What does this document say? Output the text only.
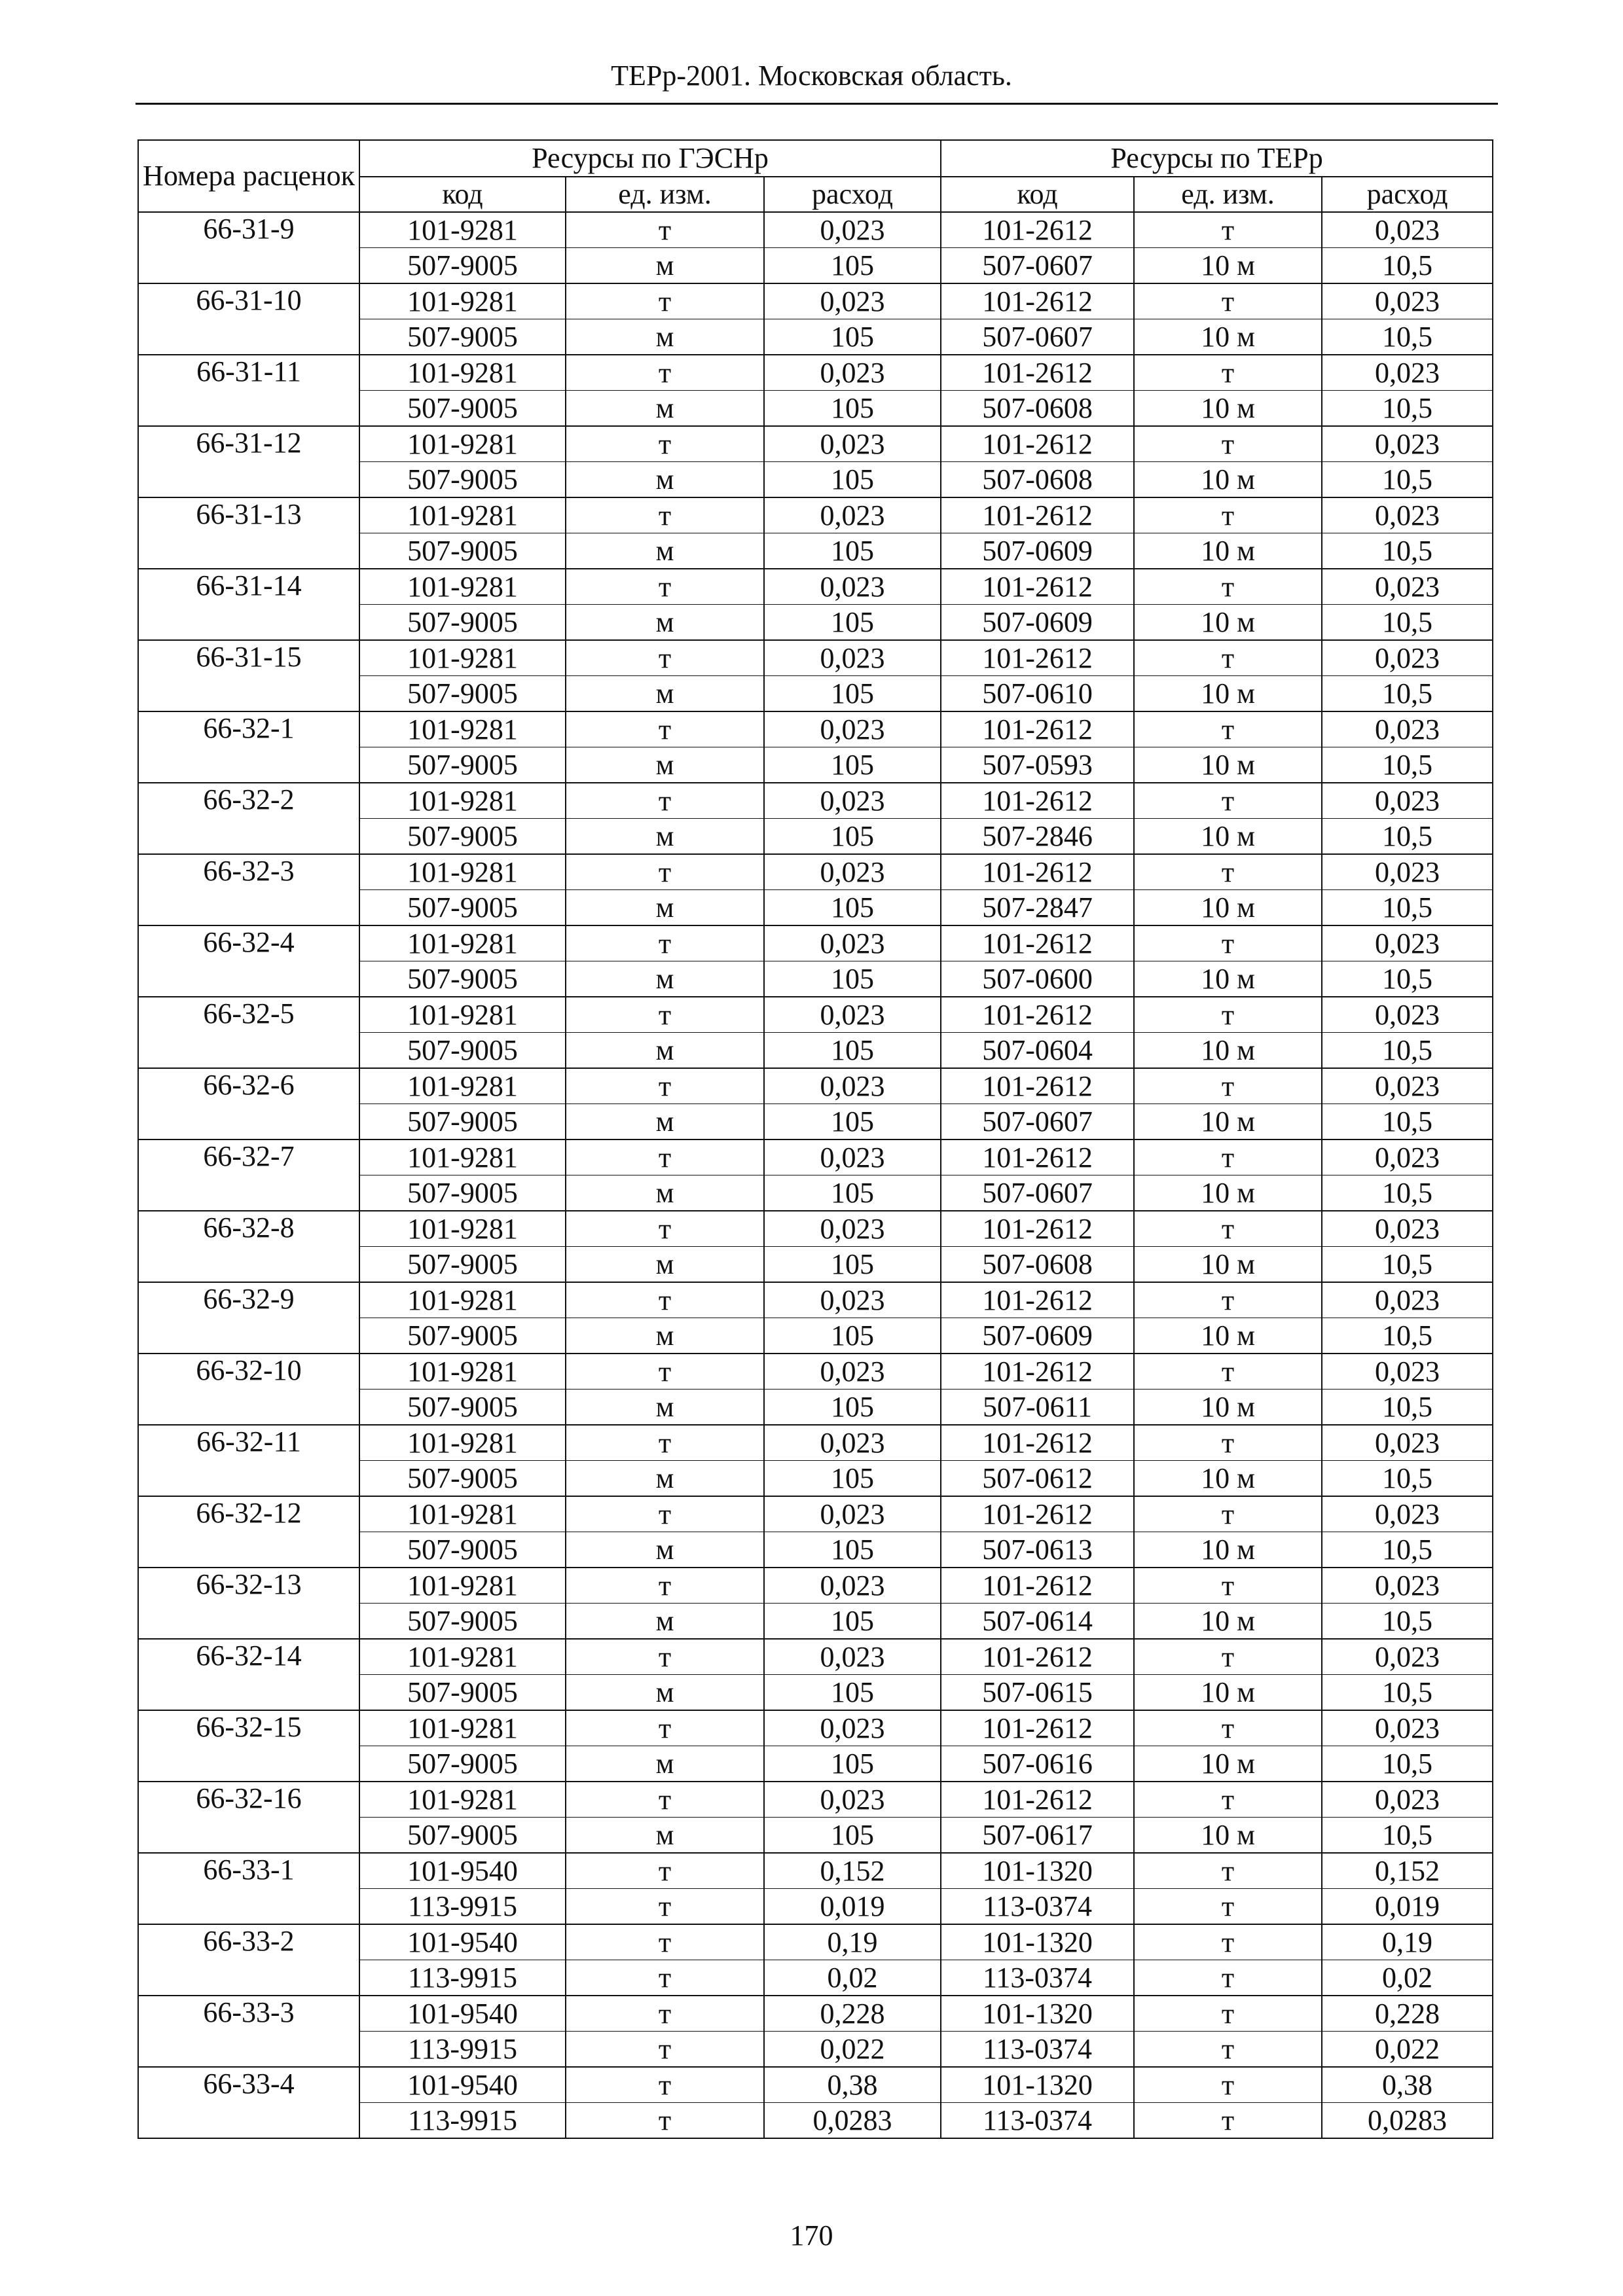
ТЕРр-2001. Московская область.
Номера расценок	Ресурсы по ГЭСНр			Ресурсы по ТЕРр		
	код	ед. изм.	расход	код	ед. изм.	расход
66-31-9	101-9281	т	0,023	101-2612	т	0,023
	507-9005	м	105	507-0607	10 м	10,5
66-31-10	101-9281	т	0,023	101-2612	т	0,023
	507-9005	м	105	507-0607	10 м	10,5
66-31-11	101-9281	т	0,023	101-2612	т	0,023
	507-9005	м	105	507-0608	10 м	10,5
66-31-12	101-9281	т	0,023	101-2612	т	0,023
	507-9005	м	105	507-0608	10 м	10,5
66-31-13	101-9281	т	0,023	101-2612	т	0,023
	507-9005	м	105	507-0609	10 м	10,5
66-31-14	101-9281	т	0,023	101-2612	т	0,023
	507-9005	м	105	507-0609	10 м	10,5
66-31-15	101-9281	т	0,023	101-2612	т	0,023
	507-9005	м	105	507-0610	10 м	10,5
66-32-1	101-9281	т	0,023	101-2612	т	0,023
	507-9005	м	105	507-0593	10 м	10,5
66-32-2	101-9281	т	0,023	101-2612	т	0,023
	507-9005	м	105	507-2846	10 м	10,5
66-32-3	101-9281	т	0,023	101-2612	т	0,023
	507-9005	м	105	507-2847	10 м	10,5
66-32-4	101-9281	т	0,023	101-2612	т	0,023
	507-9005	м	105	507-0600	10 м	10,5
66-32-5	101-9281	т	0,023	101-2612	т	0,023
	507-9005	м	105	507-0604	10 м	10,5
66-32-6	101-9281	т	0,023	101-2612	т	0,023
	507-9005	м	105	507-0607	10 м	10,5
66-32-7	101-9281	т	0,023	101-2612	т	0,023
	507-9005	м	105	507-0607	10 м	10,5
66-32-8	101-9281	т	0,023	101-2612	т	0,023
	507-9005	м	105	507-0608	10 м	10,5
66-32-9	101-9281	т	0,023	101-2612	т	0,023
	507-9005	м	105	507-0609	10 м	10,5
66-32-10	101-9281	т	0,023	101-2612	т	0,023
	507-9005	м	105	507-0611	10 м	10,5
66-32-11	101-9281	т	0,023	101-2612	т	0,023
	507-9005	м	105	507-0612	10 м	10,5
66-32-12	101-9281	т	0,023	101-2612	т	0,023
	507-9005	м	105	507-0613	10 м	10,5
66-32-13	101-9281	т	0,023	101-2612	т	0,023
	507-9005	м	105	507-0614	10 м	10,5
66-32-14	101-9281	т	0,023	101-2612	т	0,023
	507-9005	м	105	507-0615	10 м	10,5
66-32-15	101-9281	т	0,023	101-2612	т	0,023
	507-9005	м	105	507-0616	10 м	10,5
66-32-16	101-9281	т	0,023	101-2612	т	0,023
	507-9005	м	105	507-0617	10 м	10,5
66-33-1	101-9540	т	0,152	101-1320	т	0,152
	113-9915	т	0,019	113-0374	т	0,019
66-33-2	101-9540	т	0,19	101-1320	т	0,19
	113-9915	т	0,02	113-0374	т	0,02
66-33-3	101-9540	т	0,228	101-1320	т	0,228
	113-9915	т	0,022	113-0374	т	0,022
66-33-4	101-9540	т	0,38	101-1320	т	0,38
	113-9915	т	0,0283	113-0374	т	0,0283
170
